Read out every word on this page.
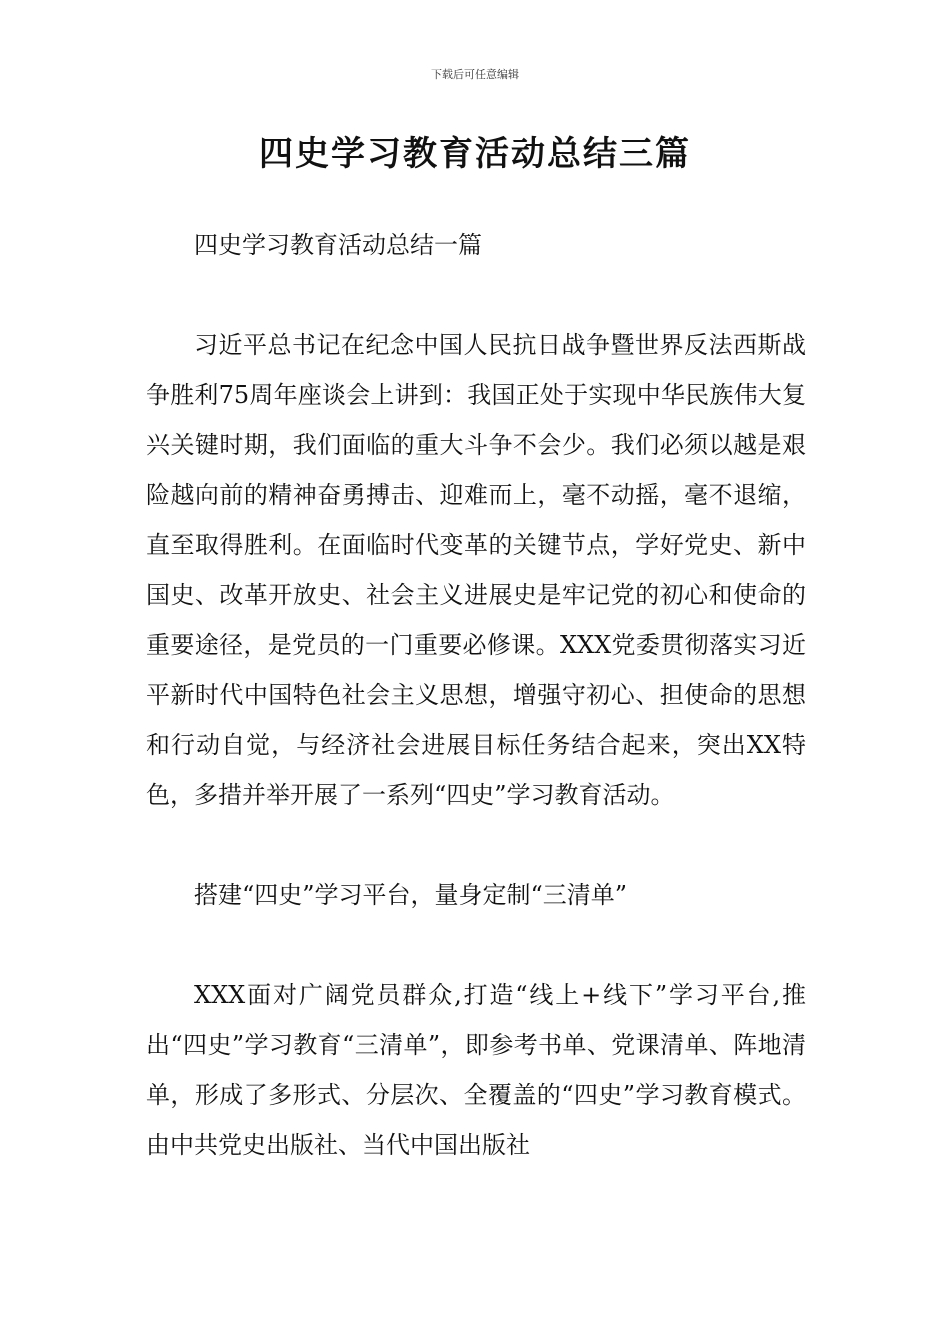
下载后可任意编辑
四史学习教育活动总结三篇

四史学习教育活动总结一篇

习近平总书记在纪念中国人民抗日战争暨世界反法西斯战争胜利75周年座谈会上讲到：我国正处于实现中华民族伟大复兴关键时期，我们面临的重大斗争不会少。我们必须以越是艰险越向前的精神奋勇搏击、迎难而上，毫不动摇，毫不退缩，直至取得胜利。在面临时代变革的关键节点，学好党史、新中国史、改革开放史、社会主义进展史是牢记党的初心和使命的重要途径，是党员的一门重要必修课。XXX党委贯彻落实习近平新时代中国特色社会主义思想，增强守初心、担使命的思想和行动自觉，与经济社会进展目标任务结合起来，突出XX特色，多措并举开展了一系列“四史”学习教育活动。

搭建“四史”学习平台，量身定制“三清单”

XXX面对广阔党员群众,打造“线上+线下”学习平台,推出“四史”学习教育“三清单”，即参考书单、党课清单、阵地清单，形成了多形式、分层次、全覆盖的“四史”学习教育模式。由中共党史出版社、当代中国出版社
